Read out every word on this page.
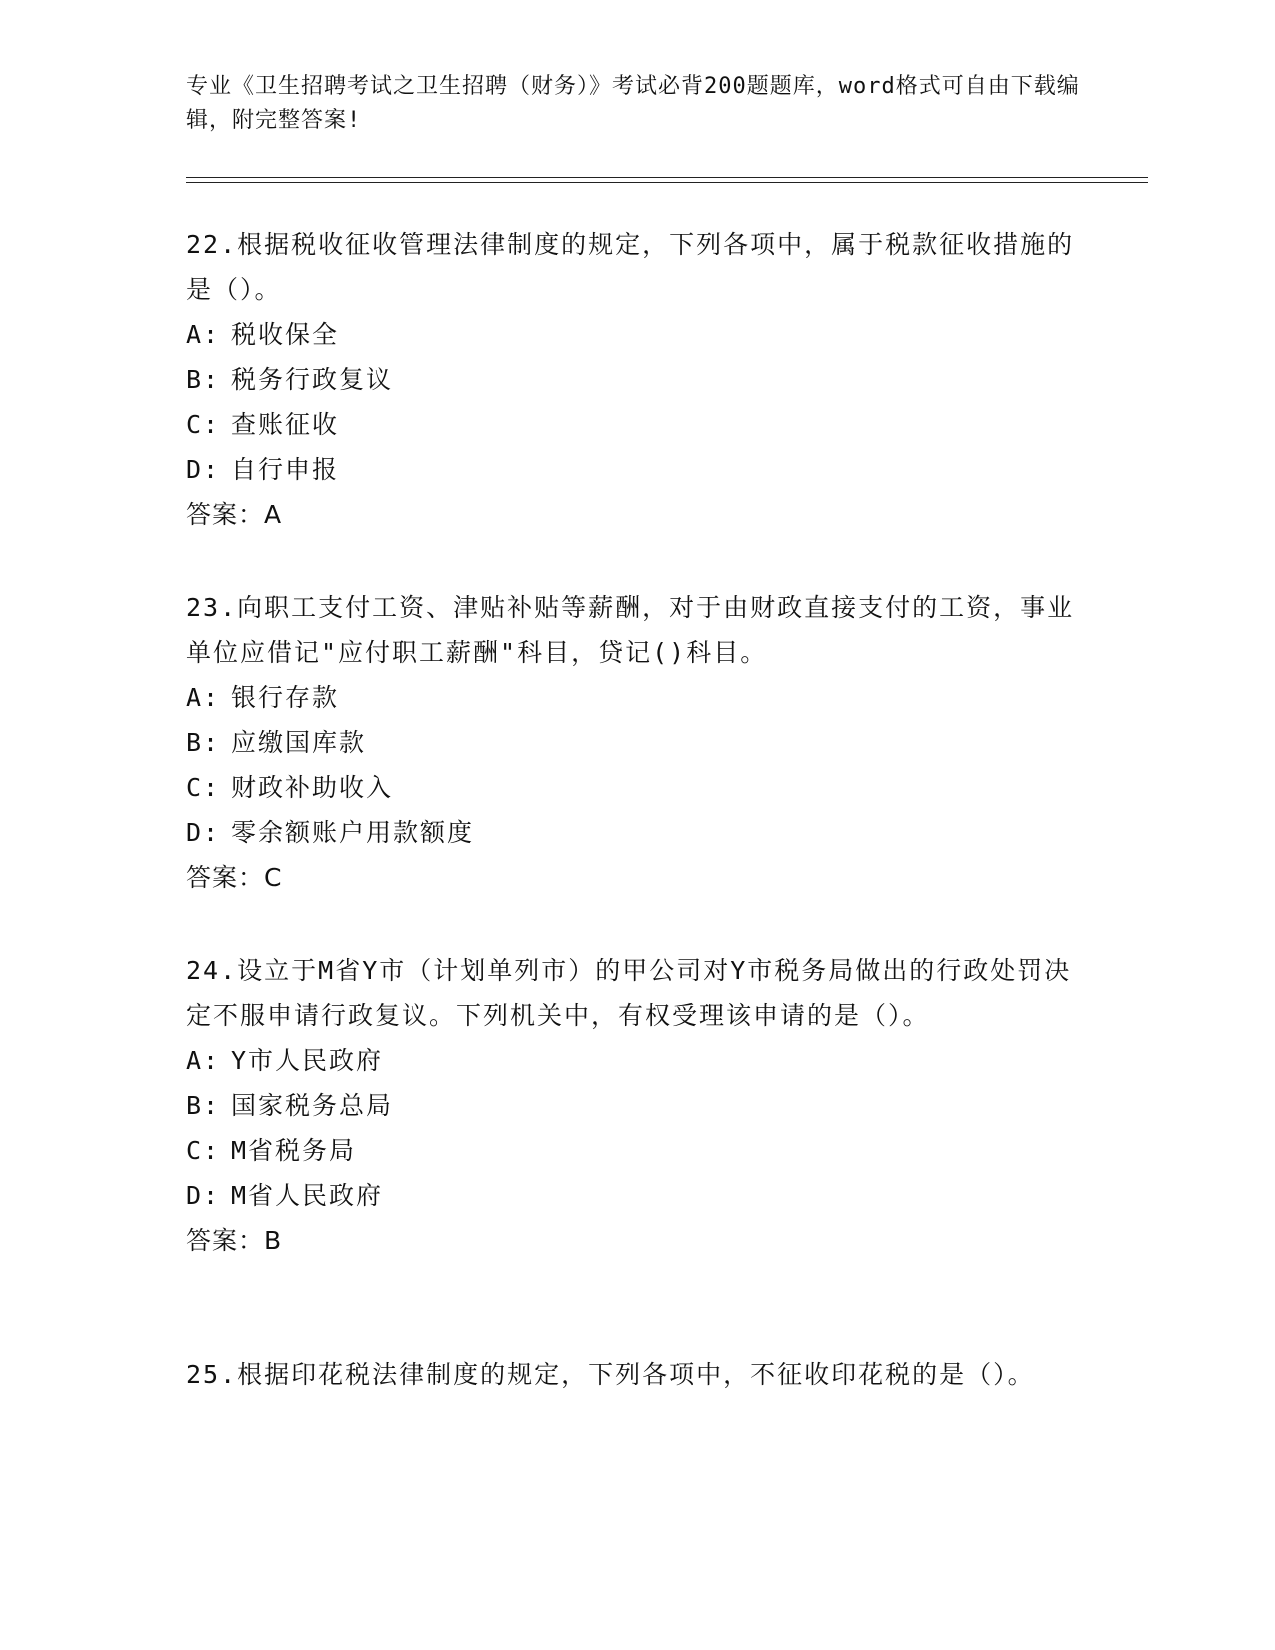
专业《卫生招聘考试之卫生招聘（财务）》考试必背200题题库，word格式可自由下载编辑，附完整答案!

22.根据税收征收管理法律制度的规定，下列各项中，属于税款征收措施的是（）。

A: 税收保全

B: 税务行政复议

C: 查账征收

D: 自行申报

答案：A

23.向职工支付工资、津贴补贴等薪酬，对于由财政直接支付的工资，事业单位应借记"应付职工薪酬"科目，贷记()科目。

A: 银行存款

B: 应缴国库款

C: 财政补助收入

D: 零余额账户用款额度

答案：C

24.设立于M省Y市（计划单列市）的甲公司对Y市税务局做出的行政处罚决定不服申请行政复议。下列机关中，有权受理该申请的是（）。

A: Y市人民政府

B: 国家税务总局

C: M省税务局

D: M省人民政府

答案：B

25.根据印花税法律制度的规定，下列各项中，不征收印花税的是（）。
